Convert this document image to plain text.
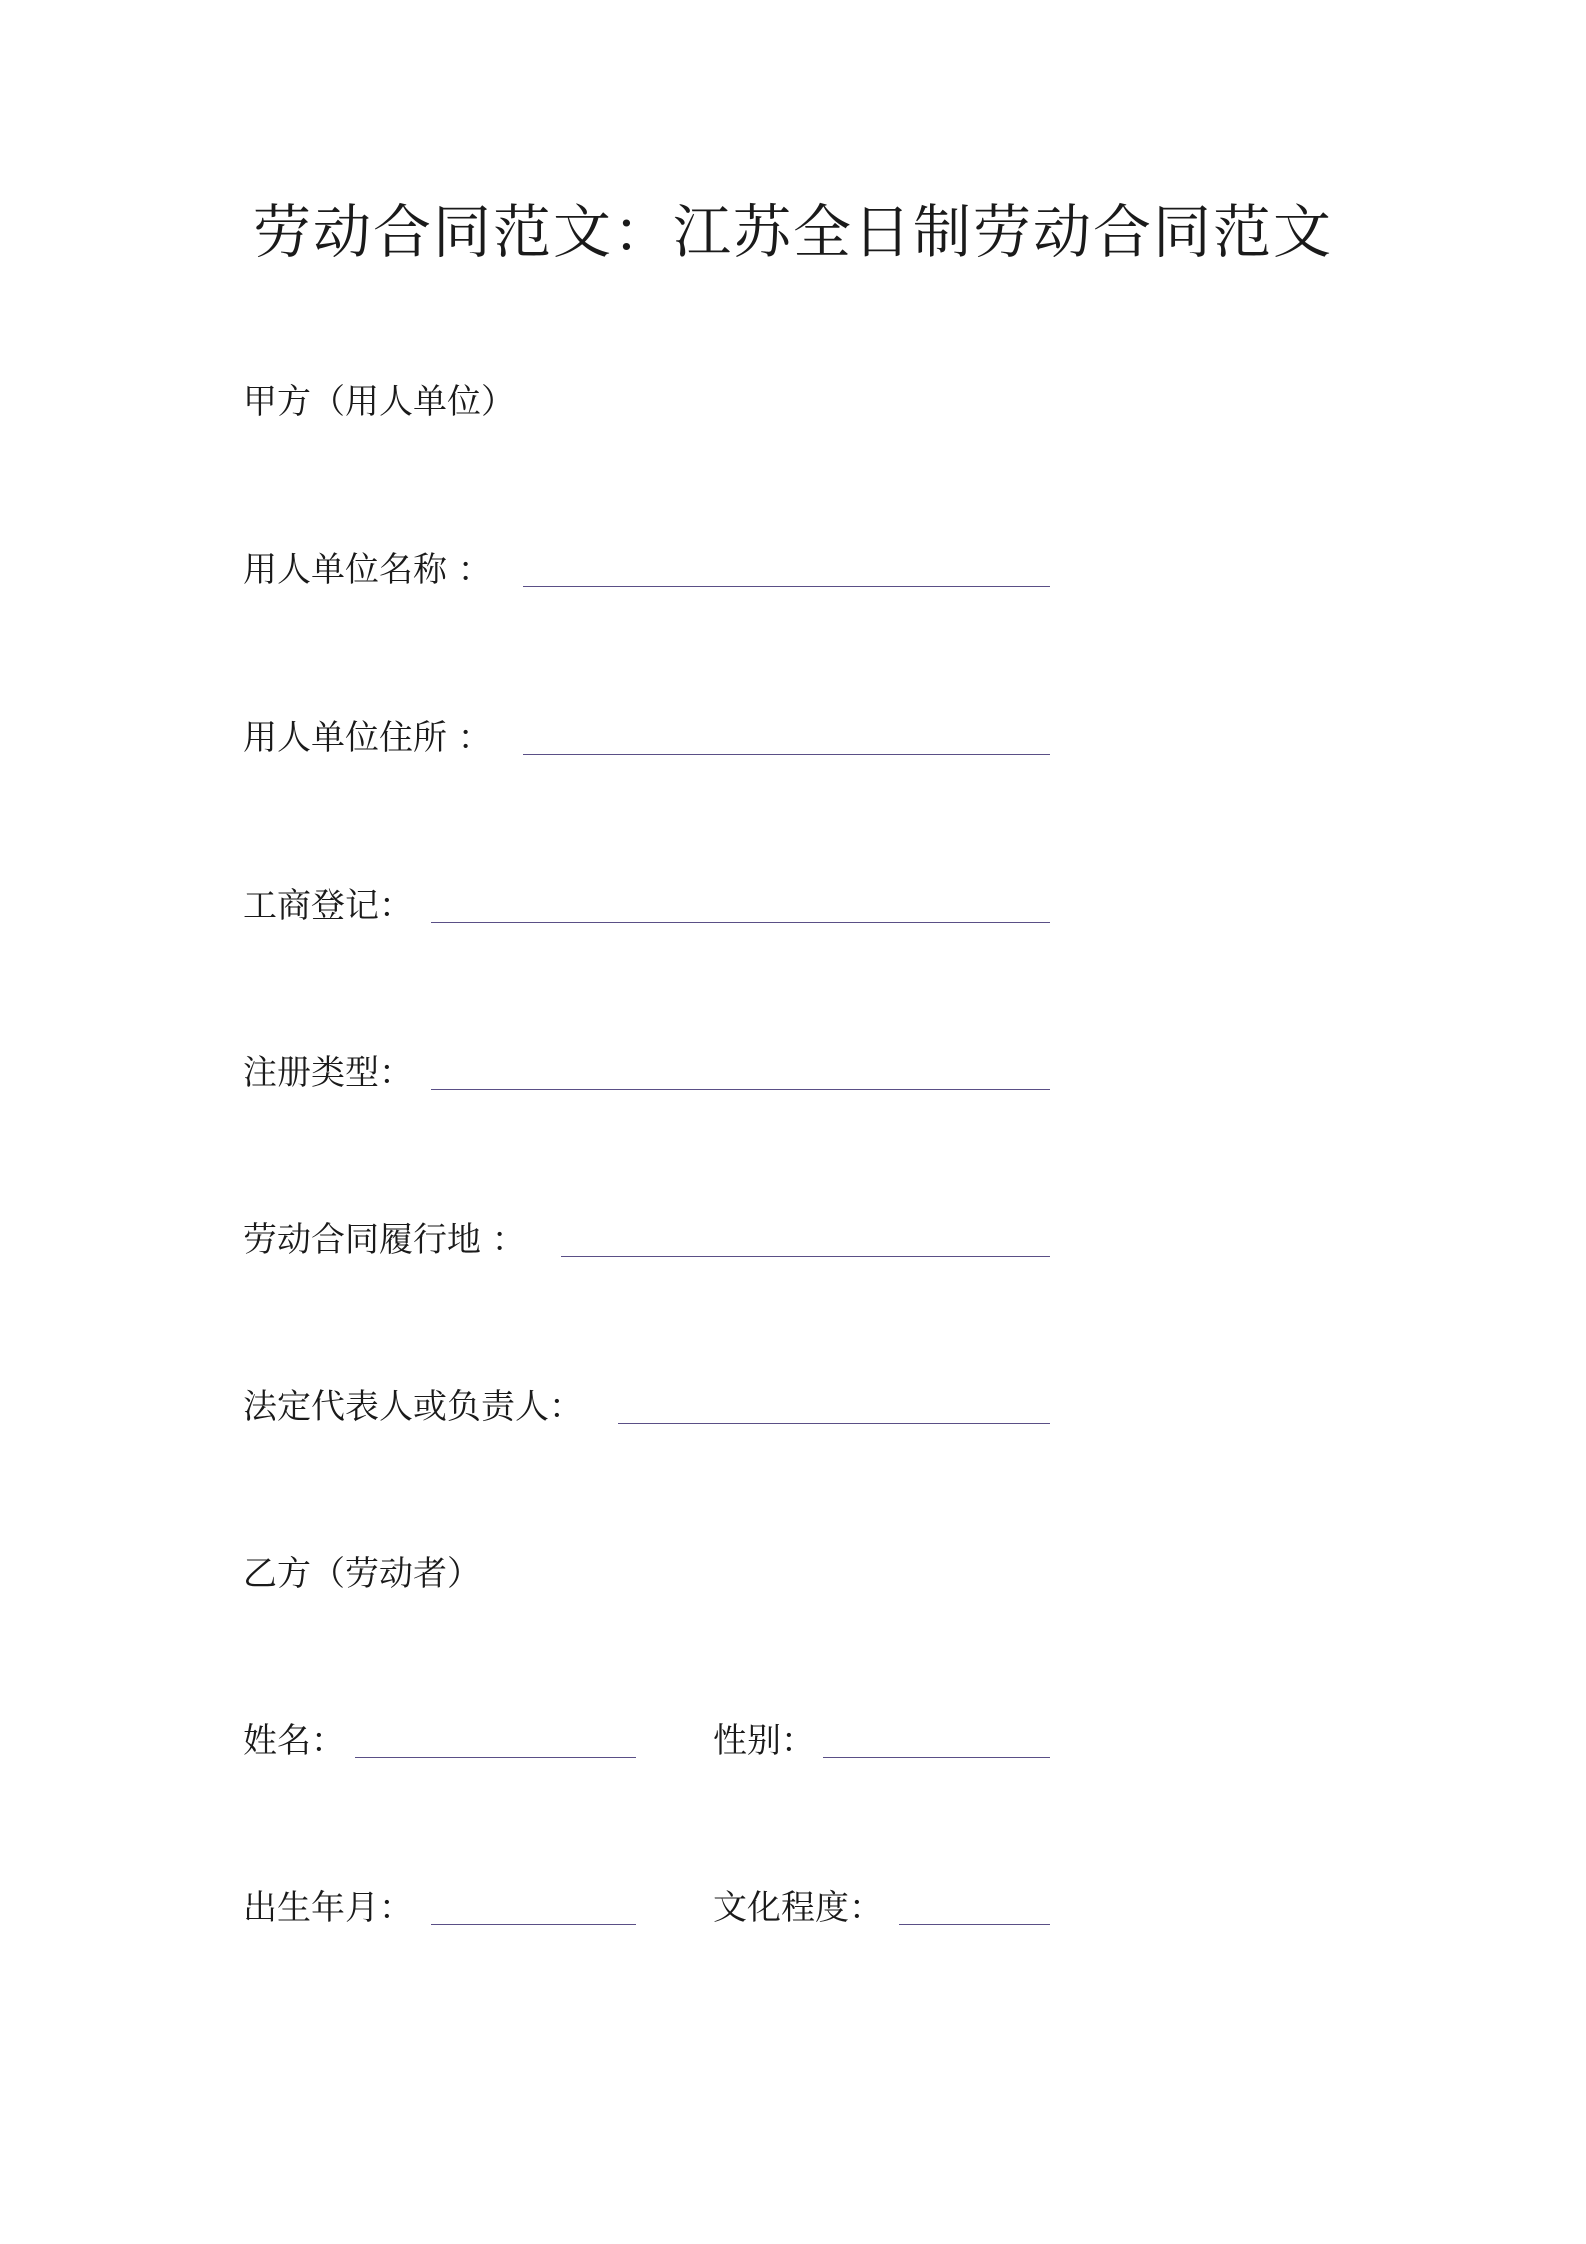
劳动合同范文：江苏全日制劳动合同范文
甲方（用人单位）
用人单位名称 ：
用人单位住所 ：
工商登记：
注册类型：
劳动合同履行地 ：
法定代表人或负责人：
乙方（劳动者）
姓名：	性别：
出生年月：	文化程度：
